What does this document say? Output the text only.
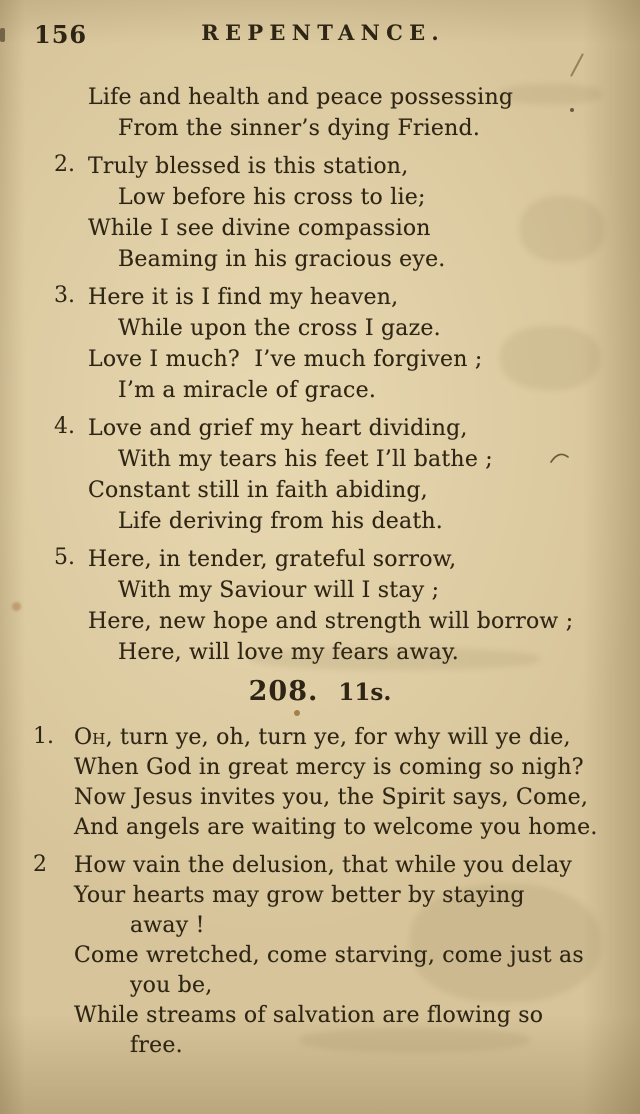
156	REPENTANCE.
Life and health and peace possessing
From the sinner’s dying Friend.
2. Truly blessed is this station,
Low before his cross to lie;
While I see divine compassion
Beaming in his gracious eye.
3. Here it is I find my heaven,
While upon the cross I gaze.
Love I much?  I’ve much forgiven ;
I’m a miracle of grace.
4. Love and grief my heart dividing,
With my tears his feet I’ll bathe ;
Constant still in faith abiding,
Life deriving from his death.
5. Here, in tender, grateful sorrow,
With my Saviour will I stay ;
Here, new hope and strength will borrow ;
Here, will love my fears away.
208. 11s.
1. Oh, turn ye, oh, turn ye, for why will ye die,
When God in great mercy is coming so nigh?
Now Jesus invites you, the Spirit says, Come,
And angels are waiting to welcome you home.
2 How vain the delusion, that while you delay
Your hearts may grow better by staying
away !
Come wretched, come starving, come just as
you be,
While streams of salvation are flowing so
free.
